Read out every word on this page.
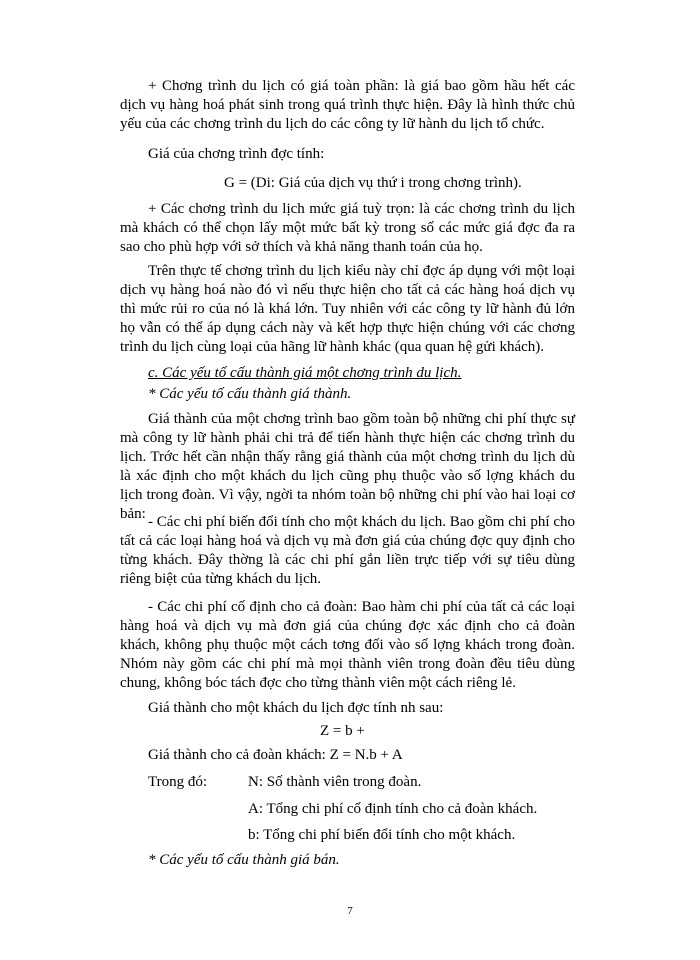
+ Chơng trình du lịch có giá toàn phần: là giá bao gồm hầu hết các dịch vụ hàng hoá phát sinh trong quá trình thực hiện. Đây là hình thức chủ yếu của các chơng trình du lịch do các công ty lữ hành du lịch tổ chức.

Giá của chơng trình đợc tính:

G = (Di: Giá của dịch vụ thứ i trong chơng trình).

+ Các chơng trình du lịch mức giá tuỳ trọn: là các chơng trình du lịch mà khách có thể chọn lấy một mức bất kỳ trong số các mức giá đợc đa ra sao cho phù hợp với sở thích và khả năng thanh toán của họ.

Trên thực tế chơng trình du lịch kiểu này chỉ đợc áp dụng với một loại dịch vụ hàng hoá nào đó vì nếu thực hiện cho tất cả các hàng hoá dịch vụ thì mức rủi ro của nó là khá lớn. Tuy nhiên với các công ty lữ hành đủ lớn họ vẫn có thể áp dụng cách này và kết hợp thực hiện chúng với các chơng trình du lịch cùng loại của hãng lữ hành khác (qua quan hệ gửi khách).

c. Các yếu tố cấu thành giá một chơng trình du lịch.

* Các yếu tố cấu thành giá thành.

Giá thành của một chơng trình bao gồm toàn bộ những chi phí thực sự mà công ty lữ hành phải chi trả để tiến hành thực hiện các chơng trình du lịch. Trớc hết cần nhận thấy rằng giá thành của một chơng trình du lịch dù là xác định cho một khách du lịch cũng phụ thuộc vào số lợng khách du lịch trong đoàn. Vì vậy, ngời ta nhóm toàn bộ những chi phí vào hai loại cơ bản: - Các chi phí biến đổi tính cho một khách du lịch. Bao gồm chi phí cho tất cả các loại hàng hoá và dịch vụ mà đơn giá của chúng đợc quy định cho từng khách. Đây thờng là các chi phí gắn liền trực tiếp với sự tiêu dùng riêng biệt của từng khách du lịch.

- Các chi phí cố định cho cả đoàn: Bao hàm chi phí của tất cả các loại hàng hoá và dịch vụ mà đơn giá của chúng đợc xác định cho cả đoàn khách, không phụ thuộc một cách tơng đối vào số lợng khách trong đoàn. Nhóm này gồm các chi phí mà mọi thành viên trong đoàn đều tiêu dùng chung, không bóc tách đợc cho từng thành viên một cách riêng lẻ.

Giá thành cho một khách du lịch đợc tính nh sau:

Z = b +

Giá thành cho cả đoàn khách: Z = N.b + A

Trong đó:	N: Số thành viên trong đoàn.

A: Tổng chi phí cố định tính cho cả đoàn khách.

b: Tổng chi phí biến đổi tính cho một khách.

* Các yếu tố cấu thành giá bán.

7
